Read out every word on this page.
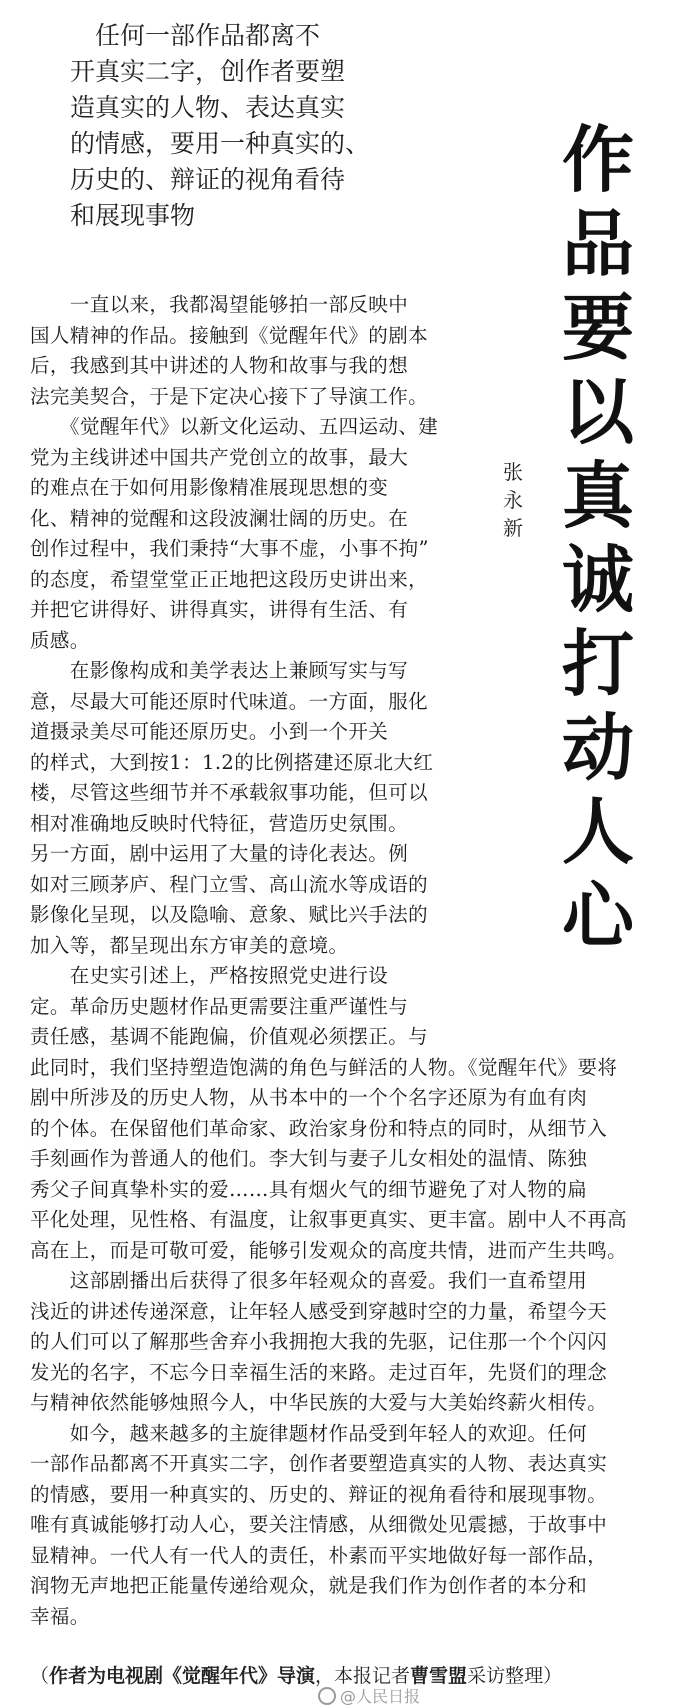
　任何一部作品都离不
开真实二字，创作者要塑
造真实的人物、表达真实
的情感，要用一种真实的、
历史的、辩证的视角看待
和展现事物
作
品
要
以
真
诚
打
动
人
心
张
永
新
　　一直以来，我都渴望能够拍一部反映中
国人精神的作品。接触到《觉醒年代》的剧本
后，我感到其中讲述的人物和故事与我的想
法完美契合，于是下定决心接下了导演工作。
　　《觉醒年代》以新文化运动、五四运动、建
党为主线讲述中国共产党创立的故事，最大
的难点在于如何用影像精准展现思想的变
化、精神的觉醒和这段波澜壮阔的历史。在
创作过程中，我们秉持“大事不虚，小事不拘”
的态度，希望堂堂正正地把这段历史讲出来，
并把它讲得好、讲得真实，讲得有生活、有
质感。
　　在影像构成和美学表达上兼顾写实与写
意，尽最大可能还原时代味道。一方面，服化
道摄录美尽可能还原历史。小到一个开关
的样式，大到按1：1.2的比例搭建还原北大红
楼，尽管这些细节并不承载叙事功能，但可以
相对准确地反映时代特征，营造历史氛围。
另一方面，剧中运用了大量的诗化表达。例
如对三顾茅庐、程门立雪、高山流水等成语的
影像化呈现，以及隐喻、意象、赋比兴手法的
加入等，都呈现出东方审美的意境。
　　在史实引述上，严格按照党史进行设
定。革命历史题材作品更需要注重严谨性与
责任感，基调不能跑偏，价值观必须摆正。与
此同时，我们坚持塑造饱满的角色与鲜活的人物。《觉醒年代》要将
剧中所涉及的历史人物，从书本中的一个个名字还原为有血有肉
的个体。在保留他们革命家、政治家身份和特点的同时，从细节入
手刻画作为普通人的他们。李大钊与妻子儿女相处的温情、陈独
秀父子间真挚朴实的爱……具有烟火气的细节避免了对人物的扁
平化处理，见性格、有温度，让叙事更真实、更丰富。剧中人不再高
高在上，而是可敬可爱，能够引发观众的高度共情，进而产生共鸣。
　　这部剧播出后获得了很多年轻观众的喜爱。我们一直希望用
浅近的讲述传递深意，让年轻人感受到穿越时空的力量，希望今天
的人们可以了解那些舍弃小我拥抱大我的先驱，记住那一个个闪闪
发光的名字，不忘今日幸福生活的来路。走过百年，先贤们的理念
与精神依然能够烛照今人，中华民族的大爱与大美始终薪火相传。
　　如今，越来越多的主旋律题材作品受到年轻人的欢迎。任何
一部作品都离不开真实二字，创作者要塑造真实的人物、表达真实
的情感，要用一种真实的、历史的、辩证的视角看待和展现事物。
唯有真诚能够打动人心，要关注情感，从细微处见震撼，于故事中
显精神。一代人有一代人的责任，朴素而平实地做好每一部作品，
润物无声地把正能量传递给观众，就是我们作为创作者的本分和
幸福。
（作者为电视剧《觉醒年代》导演，本报记者曹雪盟采访整理）
@人民日报
